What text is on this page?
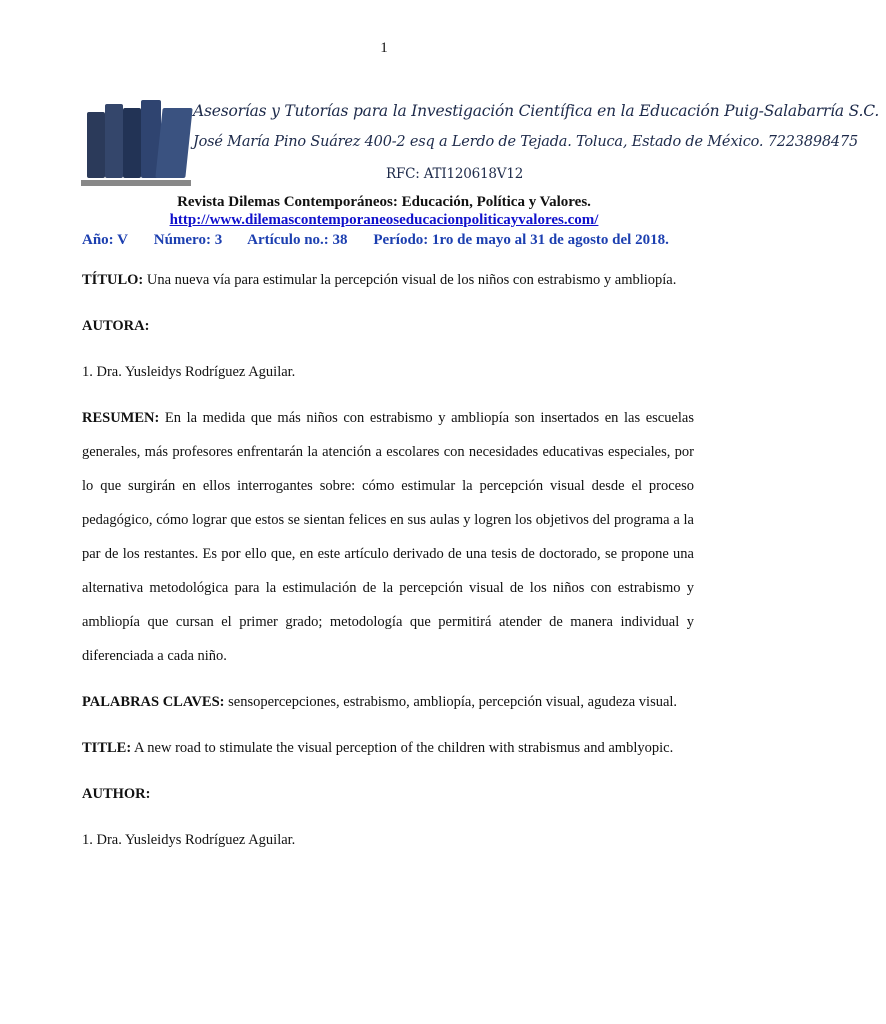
1
Asesorías y Tutorías para la Investigación Científica en la Educación Puig-Salabarría S.C.
José María Pino Suárez 400-2 esq a Lerdo de Tejada. Toluca, Estado de México. 7223898475
RFC: ATI120618V12
Revista Dilemas Contemporáneos: Educación, Política y Valores.
http://www.dilemascontemporaneoseducacionpoliticayvalores.com/
Año: V Número: 3 Artículo no.: 38 Período: 1ro de mayo al 31 de agosto del 2018.

TÍTULO: Una nueva vía para estimular la percepción visual de los niños con estrabismo y ambliopía.

AUTORA:

1. Dra. Yusleidys Rodríguez Aguilar.

RESUMEN: En la medida que más niños con estrabismo y ambliopía son insertados en las escuelas generales, más profesores enfrentarán la atención a escolares con necesidades educativas especiales, por lo que surgirán en ellos interrogantes sobre: cómo estimular la percepción visual desde el proceso pedagógico, cómo lograr que estos se sientan felices en sus aulas y logren los objetivos del programa a la par de los restantes. Es por ello que, en este artículo derivado de una tesis de doctorado, se propone una alternativa metodológica para la estimulación de la percepción visual de los niños con estrabismo y ambliopía que cursan el primer grado; metodología que permitirá atender de manera individual y diferenciada a cada niño.

PALABRAS CLAVES: sensopercepciones, estrabismo, ambliopía, percepción visual, agudeza visual.

TITLE: A new road to stimulate the visual perception of the children with strabismus and amblyopic.

AUTHOR:

1. Dra. Yusleidys Rodríguez Aguilar.
